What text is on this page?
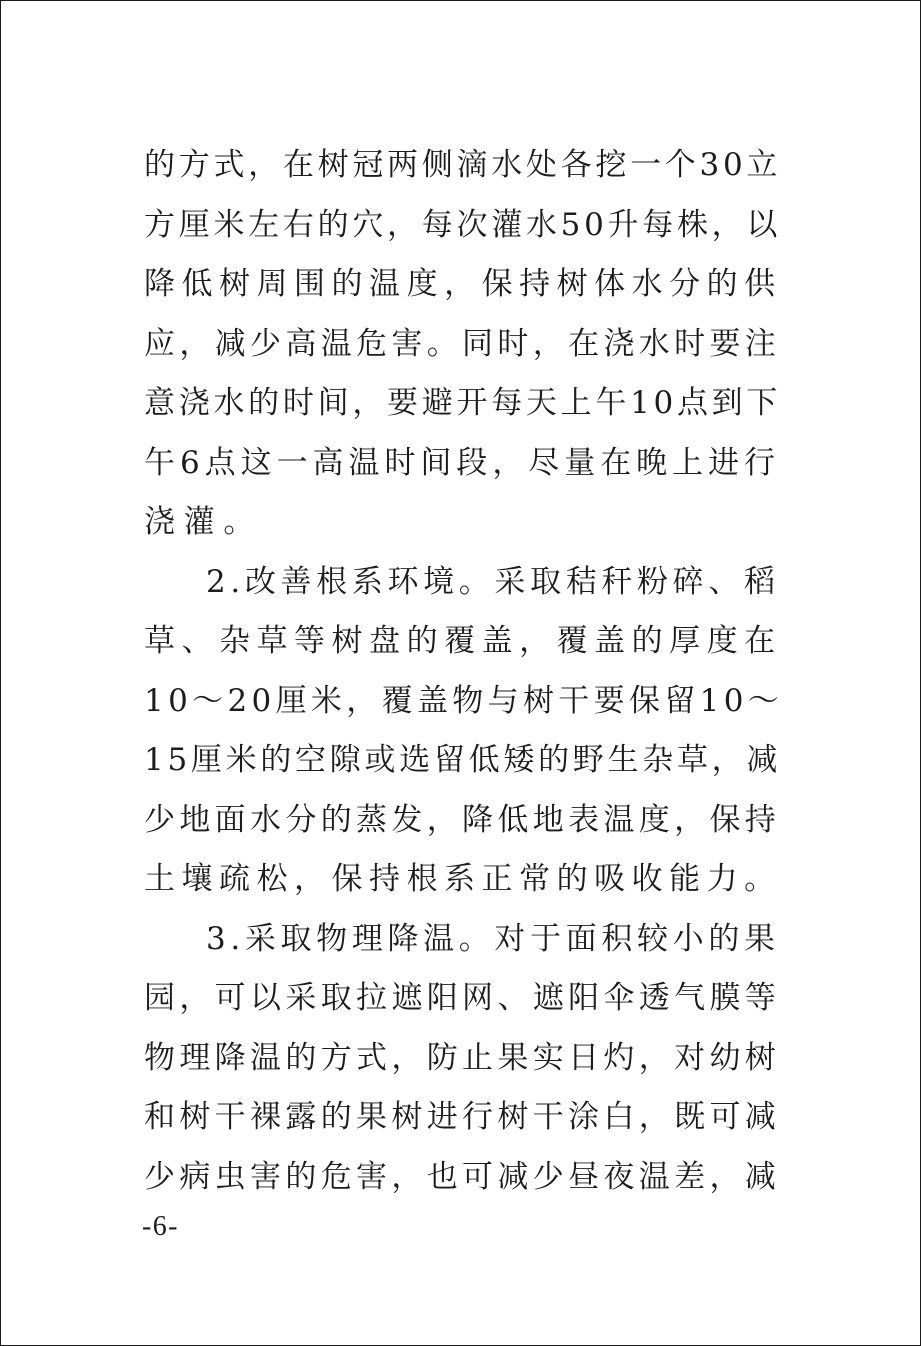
的方式，在树冠两侧滴水处各挖一个30立
方厘米左右的穴，每次灌水50升每株，以
降低树周围的温度，保持树体水分的供
应，减少高温危害。同时，在浇水时要注
意浇水的时间，要避开每天上午10点到下
午6点这一高温时间段，尽量在晚上进行
浇灌。
2.改善根系环境。采取秸秆粉碎、稻
草、杂草等树盘的覆盖，覆盖的厚度在
10～20厘米，覆盖物与树干要保留10～
15厘米的空隙或选留低矮的野生杂草，减
少地面水分的蒸发，降低地表温度，保持
土壤疏松，保持根系正常的吸收能力。
3.采取物理降温。对于面积较小的果
园，可以采取拉遮阳网、遮阳伞透气膜等
物理降温的方式，防止果实日灼，对幼树
和树干裸露的果树进行树干涂白，既可减
少病虫害的危害，也可减少昼夜温差，减
-6-
